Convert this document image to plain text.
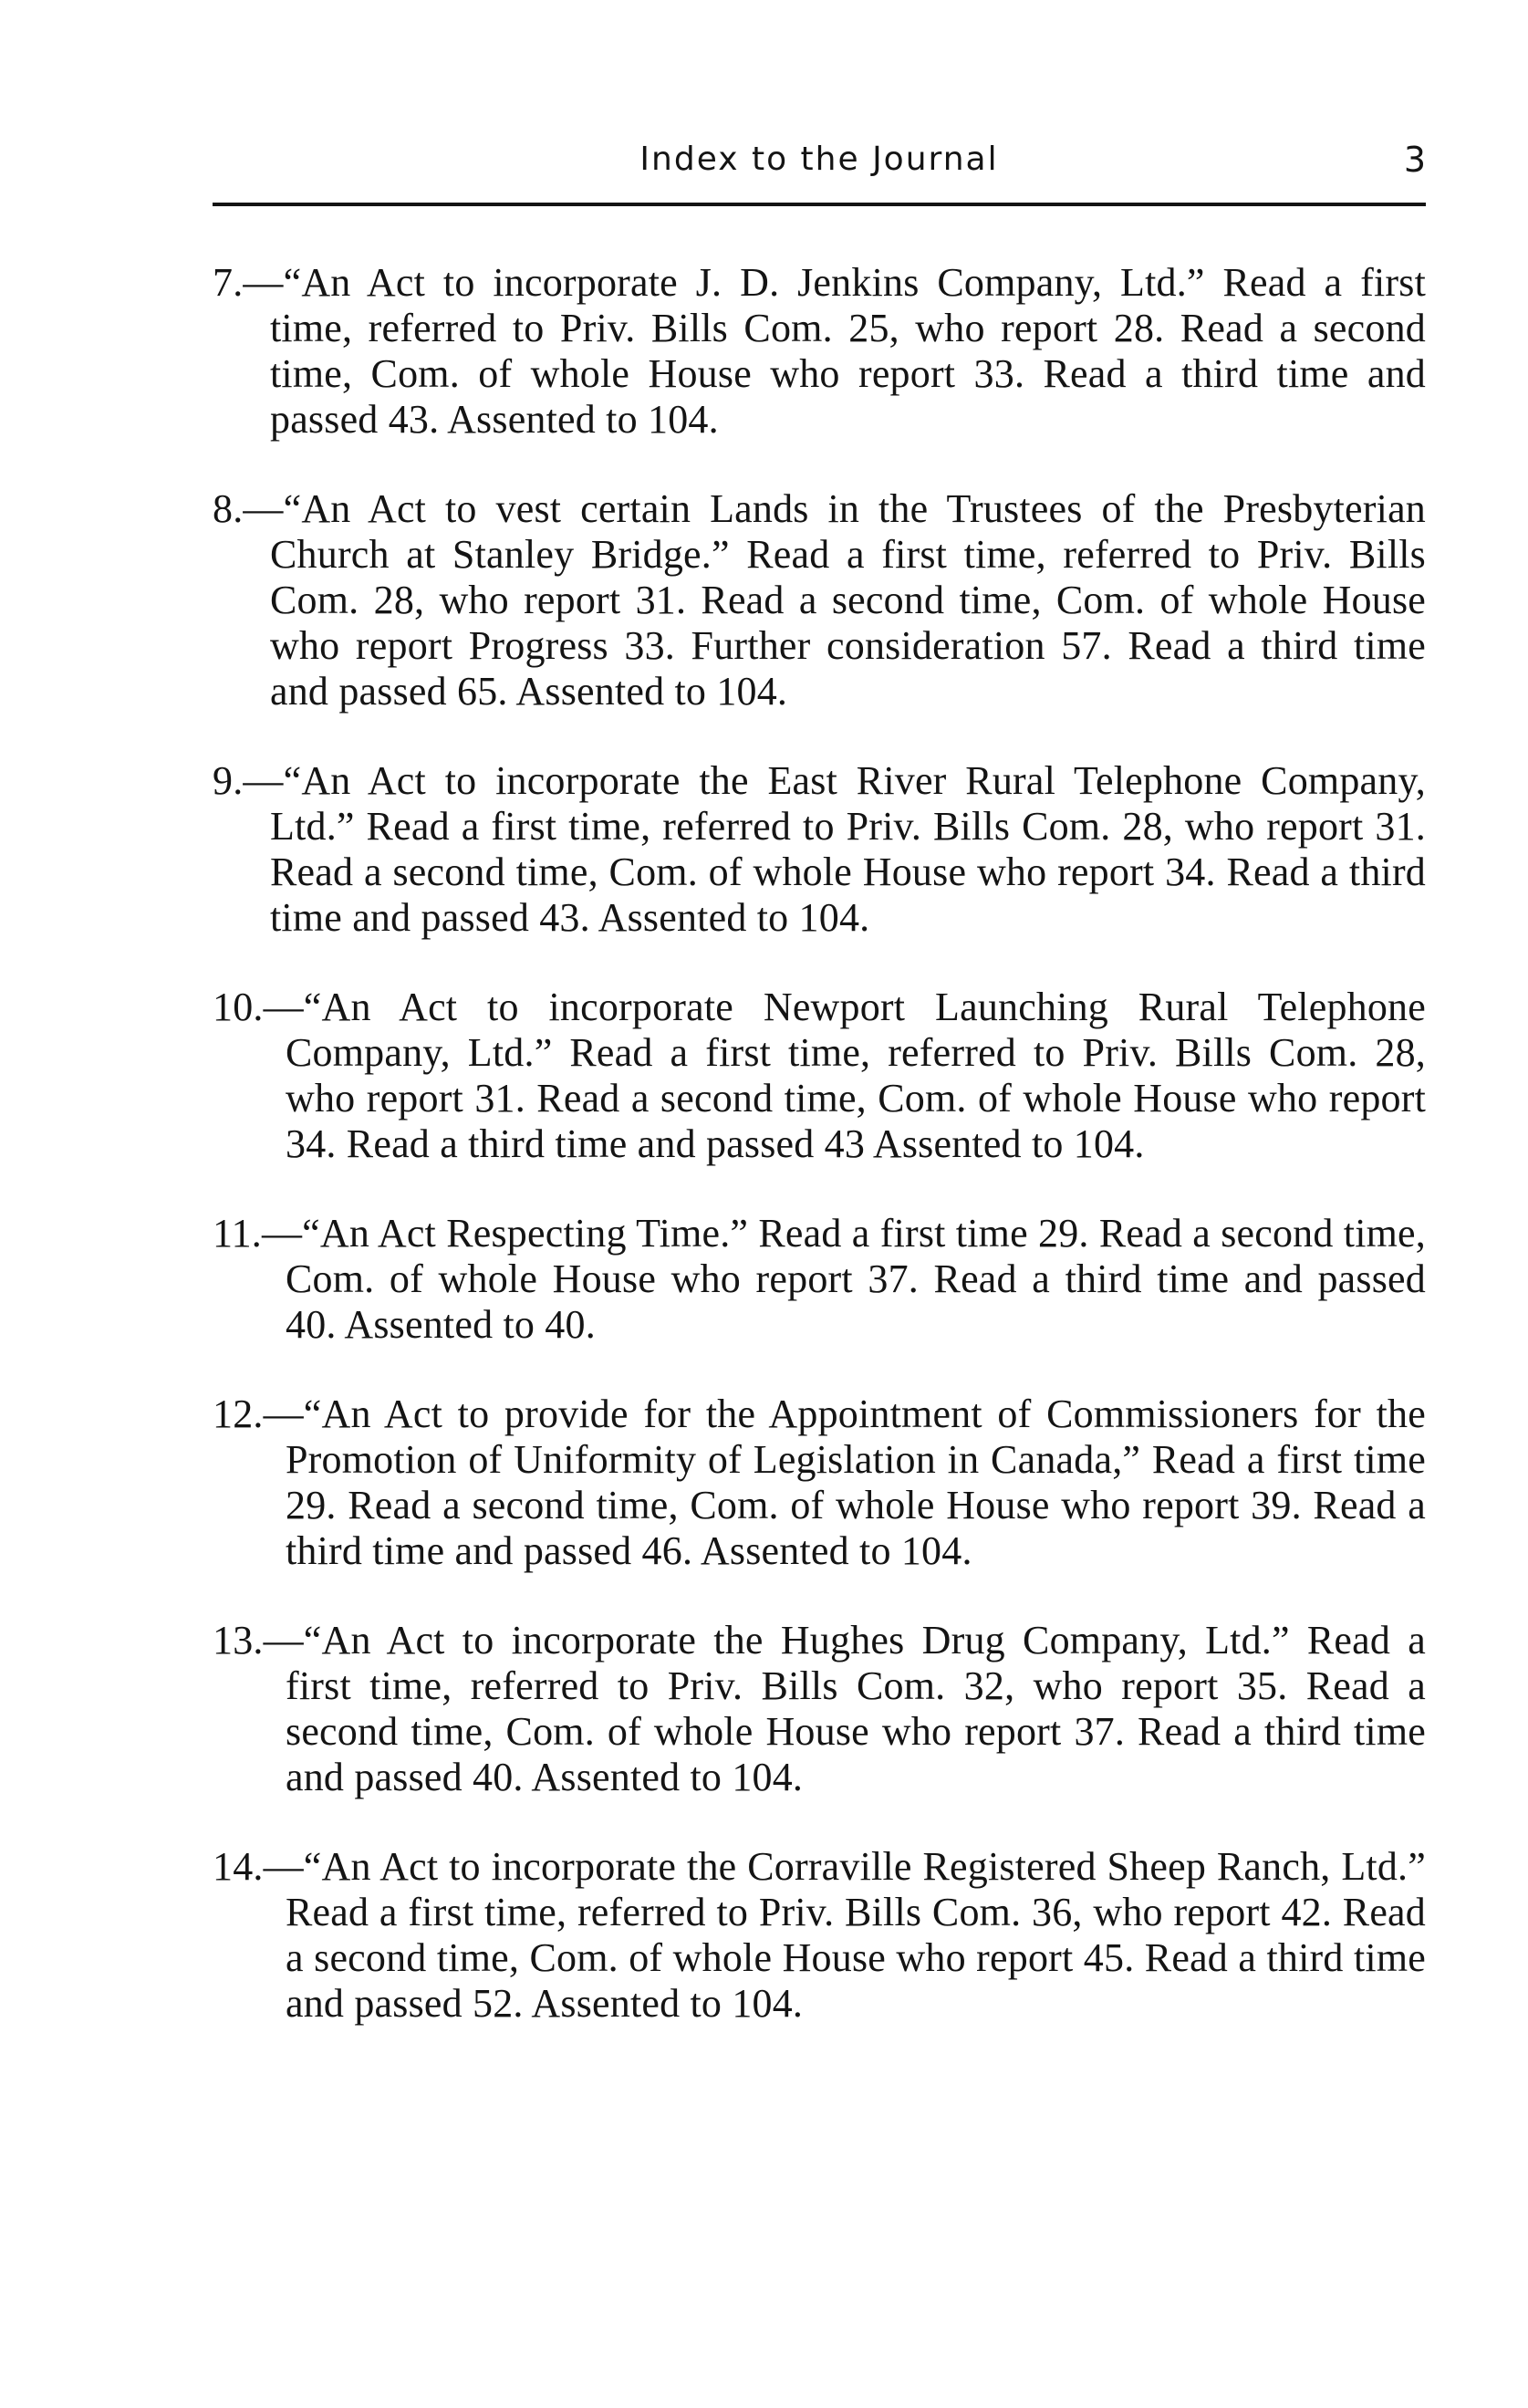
Index to the Journal	3

7.—“An Act to incorporate J. D. Jenkins Company, Ltd.” Read a first time, referred to Priv. Bills Com. 25, who report 28. Read a second time, Com. of whole House who report 33. Read a third time and passed 43. Assented to 104.

8.—“An Act to vest certain Lands in the Trustees of the Presbyterian Church at Stanley Bridge.” Read a first time, referred to Priv. Bills Com. 28, who report 31. Read a second time, Com. of whole House who report Progress 33. Further consideration 57. Read a third time and passed 65. Assented to 104.

9.—“An Act to incorporate the East River Rural Telephone Company, Ltd.” Read a first time, referred to Priv. Bills Com. 28, who report 31. Read a second time, Com. of whole House who report 34. Read a third time and passed 43. Assented to 104.

10.—“An Act to incorporate Newport Launching Rural Telephone Company, Ltd.” Read a first time, referred to Priv. Bills Com. 28, who report 31. Read a second time, Com. of whole House who report 34. Read a third time and passed 43 Assented to 104.

11.—“An Act Respecting Time.” Read a first time 29. Read a second time, Com. of whole House who report 37. Read a third time and passed 40. Assented to 40.

12.—“An Act to provide for the Appointment of Commissioners for the Promotion of Uniformity of Legislation in Canada,” Read a first time 29. Read a second time, Com. of whole House who report 39. Read a third time and passed 46. Assented to 104.

13.—“An Act to incorporate the Hughes Drug Company, Ltd.” Read a first time, referred to Priv. Bills Com. 32, who report 35. Read a second time, Com. of whole House who report 37. Read a third time and passed 40. Assented to 104.

14.—“An Act to incorporate the Corraville Registered Sheep Ranch, Ltd.” Read a first time, referred to Priv. Bills Com. 36, who report 42. Read a second time, Com. of whole House who report 45. Read a third time and passed 52. Assented to 104.
